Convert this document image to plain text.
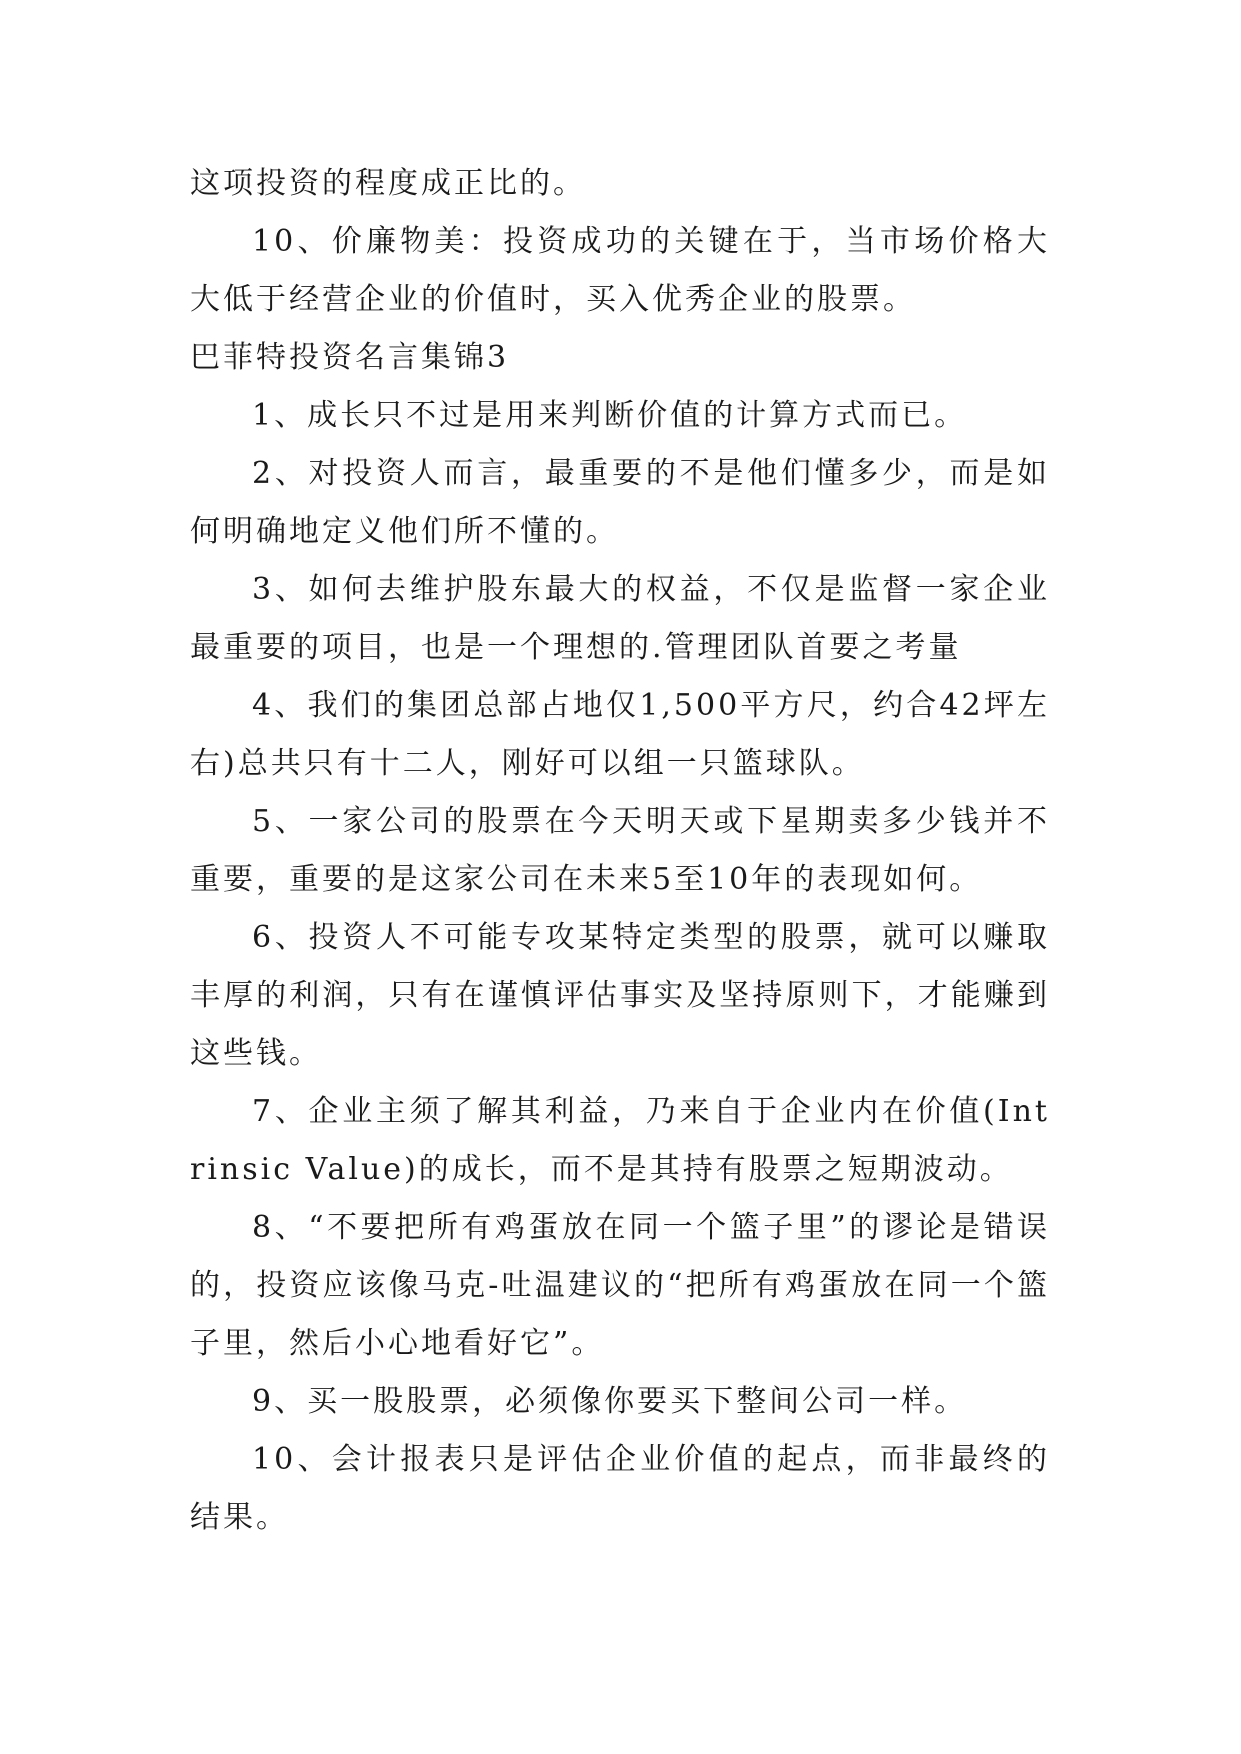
这项投资的程度成正比的。

10、价廉物美：投资成功的关键在于，当市场价格大大低于经营企业的价值时，买入优秀企业的股票。

巴菲特投资名言集锦3

1、成长只不过是用来判断价值的计算方式而已。

2、对投资人而言，最重要的不是他们懂多少，而是如何明确地定义他们所不懂的。

3、如何去维护股东最大的权益，不仅是监督一家企业最重要的项目，也是一个理想的.管理团队首要之考量

4、我们的集团总部占地仅1,500平方尺，约合42坪左右)总共只有十二人，刚好可以组一只篮球队。

5、一家公司的股票在今天明天或下星期卖多少钱并不重要，重要的是这家公司在未来5至10年的表现如何。

6、投资人不可能专攻某特定类型的股票，就可以赚取丰厚的利润，只有在谨慎评估事实及坚持原则下，才能赚到这些钱。

7、企业主须了解其利益，乃来自于企业内在价值(Intrinsic Value)的成长，而不是其持有股票之短期波动。

8、“不要把所有鸡蛋放在同一个篮子里”的谬论是错误的，投资应该像马克-吐温建议的“把所有鸡蛋放在同一个篮子里，然后小心地看好它”。

9、买一股股票，必须像你要买下整间公司一样。

10、会计报表只是评估企业价值的起点，而非最终的结果。
